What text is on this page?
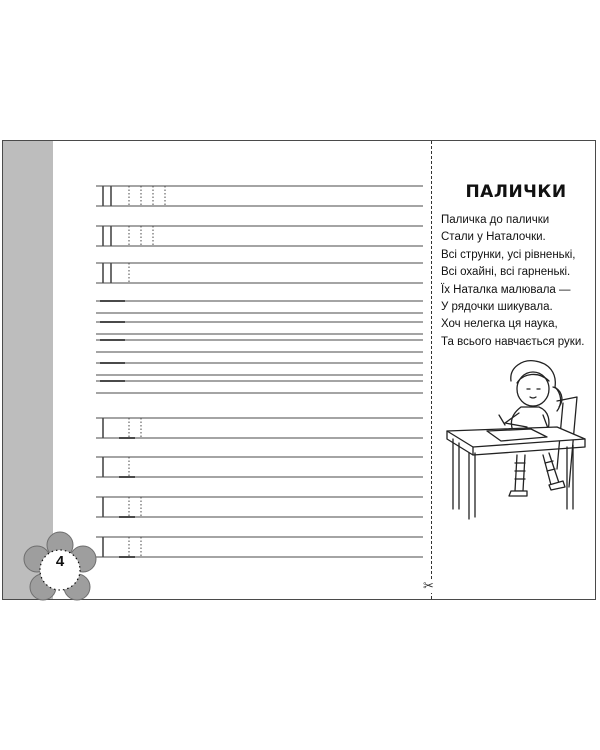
✂
4
ПАЛИЧКИ
Паличка до палички
Стали у Наталочки.
Всі струнки, усі рівненькі,
Всі охайні, всі гарненькі.
Їх Наталка малювала —
У рядочки шикувала.
Хоч нелегка ця наука,
Та всього навчається руки.
